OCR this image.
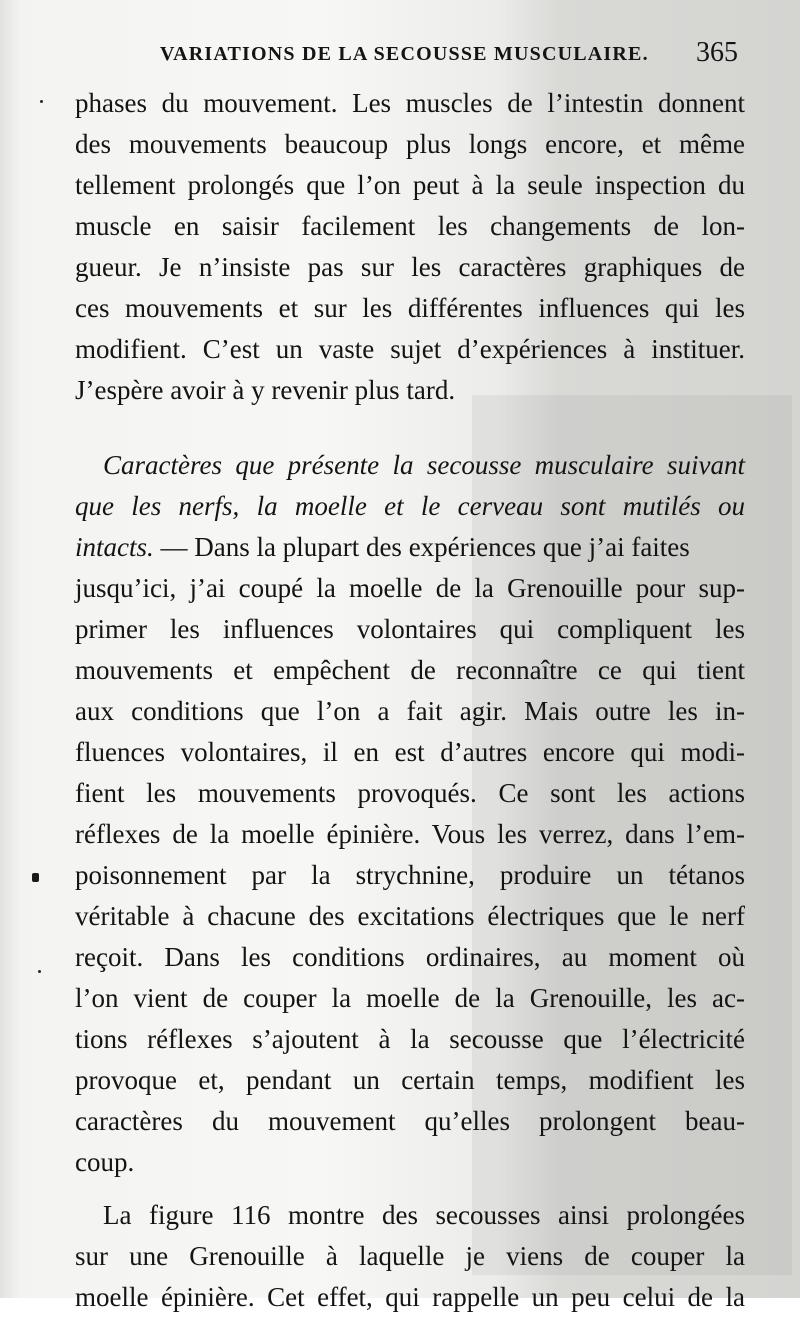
VARIATIONS DE LA SECOUSSE MUSCULAIRE. 365
phases du mouvement. Les muscles de l’intestin donnent
des mouvements beaucoup plus longs encore, et même
tellement prolongés que l’on peut à la seule inspection du
muscle en saisir facilement les changements de lon-
gueur. Je n’insiste pas sur les caractères graphiques de
ces mouvements et sur les différentes influences qui les
modifient. C’est un vaste sujet d’expériences à instituer.
J’espère avoir à y revenir plus tard.
Caractères que présente la secousse musculaire suivant
que les nerfs, la moelle et le cerveau sont mutilés ou
intacts. — Dans la plupart des expériences que j’ai faites
jusqu’ici, j’ai coupé la moelle de la Grenouille pour sup-
primer les influences volontaires qui compliquent les
mouvements et empêchent de reconnaître ce qui tient
aux conditions que l’on a fait agir. Mais outre les in-
fluences volontaires, il en est d’autres encore qui modi-
fient les mouvements provoqués. Ce sont les actions
réflexes de la moelle épinière. Vous les verrez, dans l’em-
poisonnement par la strychnine, produire un tétanos
véritable à chacune des excitations électriques que le nerf
reçoit. Dans les conditions ordinaires, au moment où
l’on vient de couper la moelle de la Grenouille, les ac-
tions réflexes s’ajoutent à la secousse que l’électricité
provoque et, pendant un certain temps, modifient les
caractères du mouvement qu’elles prolongent beau-
coup.
La figure 116 montre des secousses ainsi prolongées
sur une Grenouille à laquelle je viens de couper la
moelle épinière. Cet effet, qui rappelle un peu celui de la
